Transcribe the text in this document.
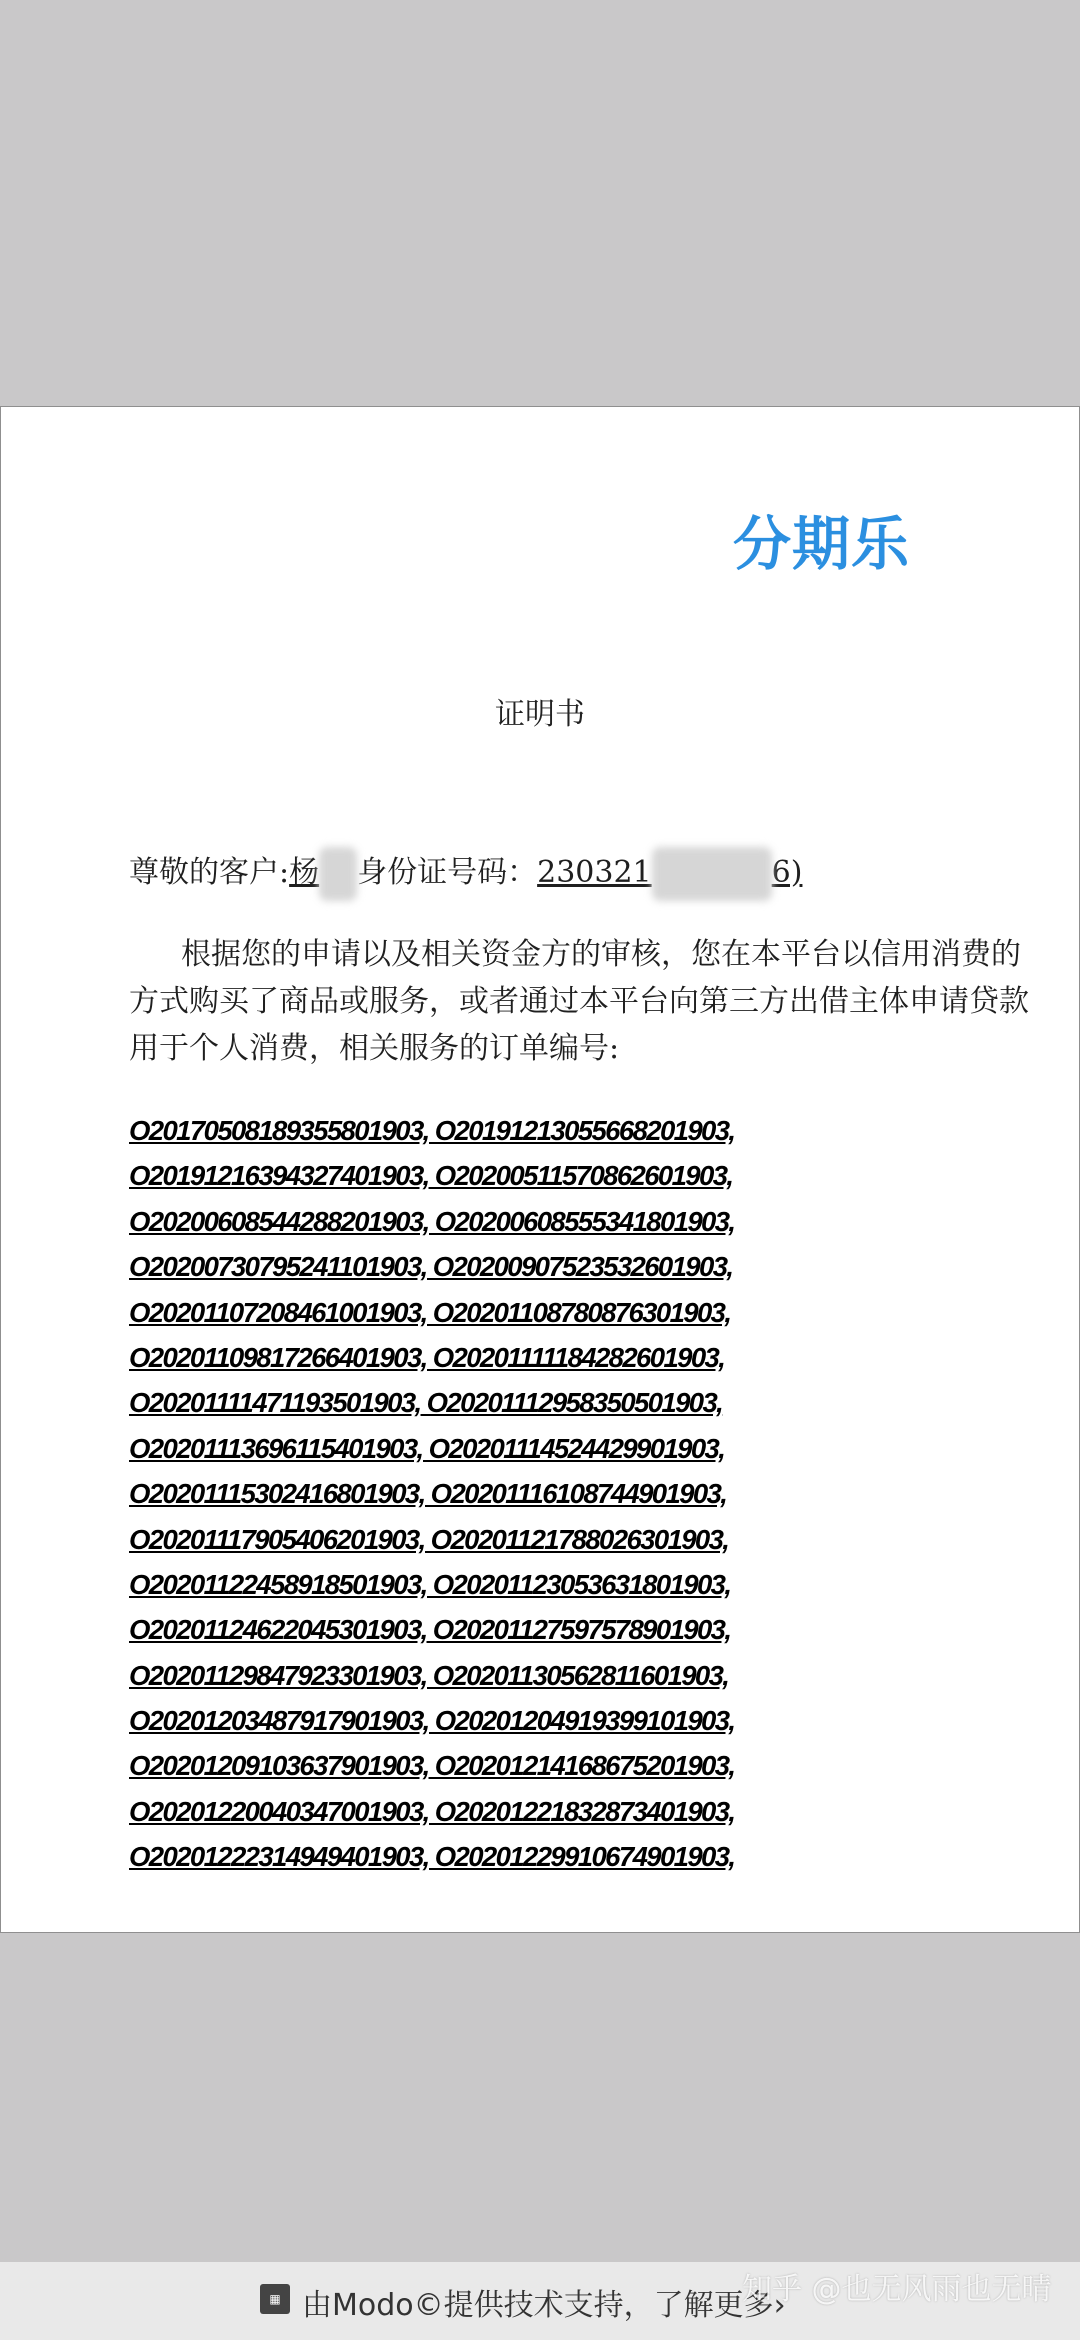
分期乐
证明书
尊敬的客户:杨 身份证号码：230321	6)
根据您的申请以及相关资金方的审核，您在本平台以信用消费的方式购买了商品或服务，或者通过本平台向第三方出借主体申请贷款用于个人消费，相关服务的订单编号:
O20170508189355801903, O20191213055668201903,
O20191216394327401903, O20200511570862601903,
O20200608544288201903, O20200608555341801903,
O20200730795241101903, O20200907523532601903,
O20201107208461001903, O20201108780876301903,
O20201109817266401903, O20201111184282601903,
O20201111471193501903, O20201112958350501903,
O20201113696115401903, O20201114524429901903,
O20201115302416801903, O20201116108744901903,
O20201117905406201903, O20201121788026301903,
O20201122458918501903, O20201123053631801903,
O20201124622045301903, O20201127597578901903,
O20201129847923301903, O20201130562811601903,
O20201203487917901903, O20201204919399101903,
O20201209103637901903, O20201214168675201903,
O20201220040347001903, O20201221832873401903,
O20201222314949401903, O20201229910674901903,
▦ 由Modo©提供技术支持，了解更多›
知乎 @也无风雨也无晴
